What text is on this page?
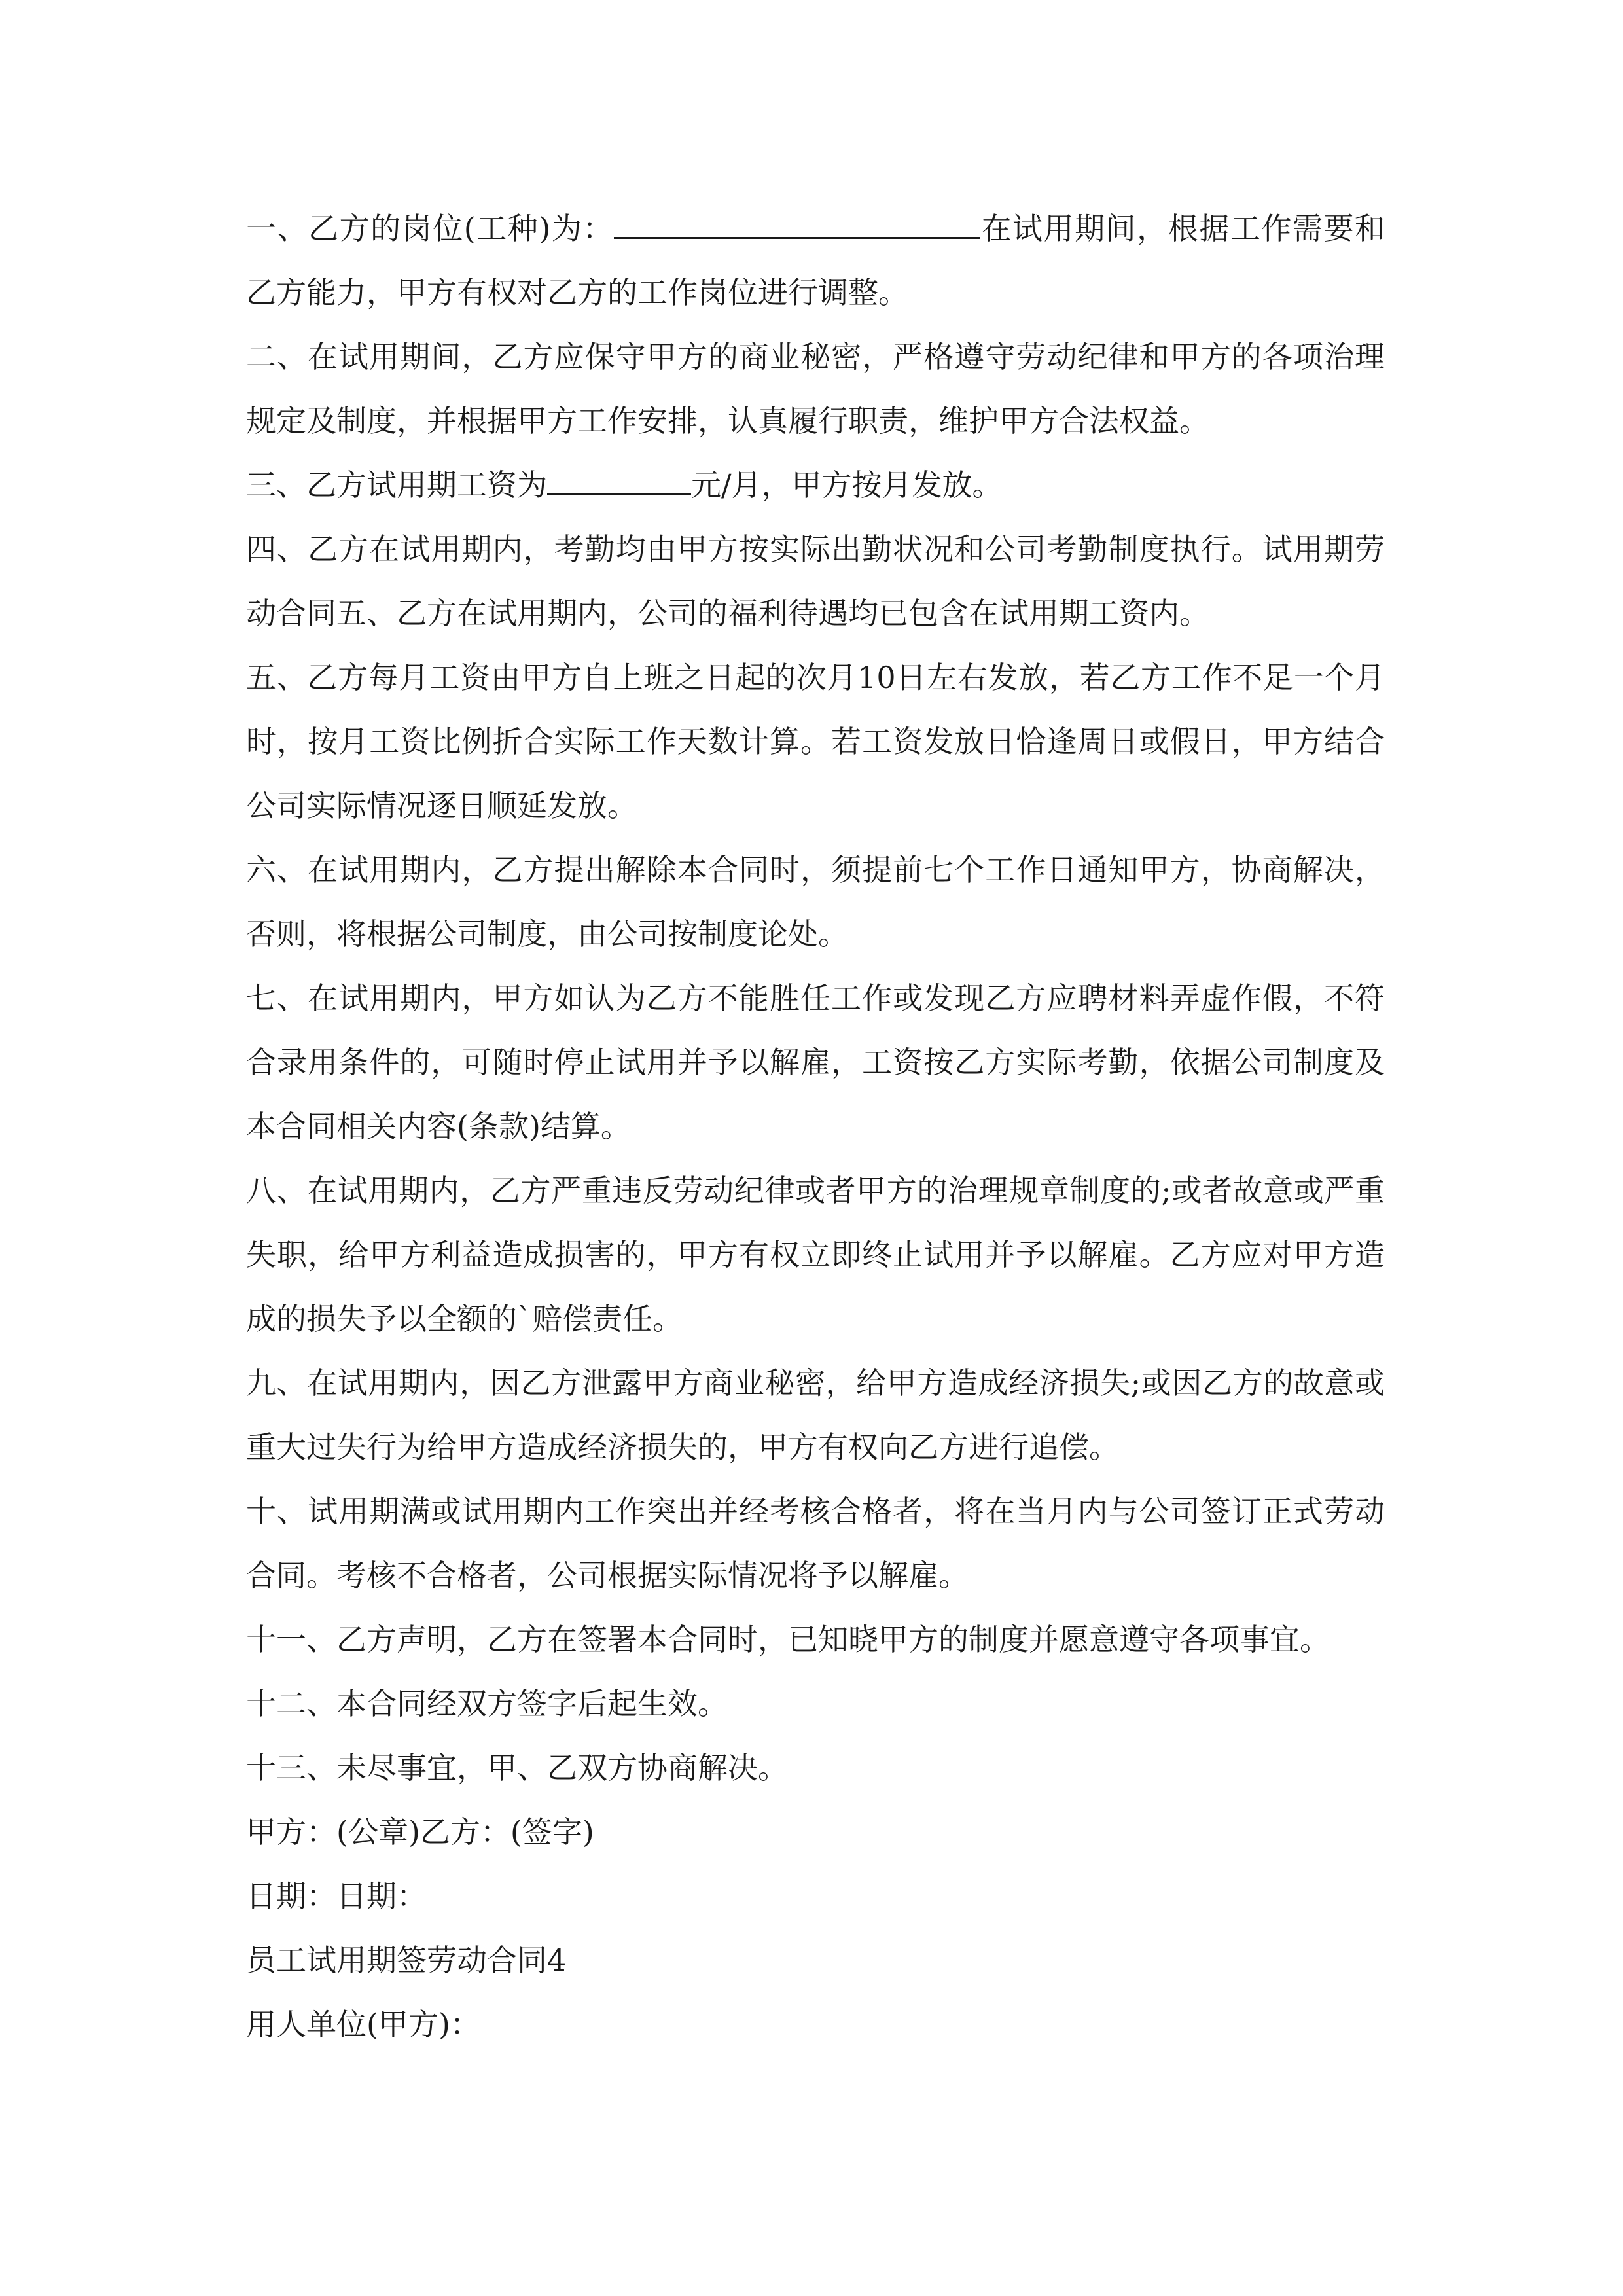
一、乙方的岗位(工种)为：	在试用期间，根据工作需要和乙方能力，甲方有权对乙方的工作岗位进行调整。

二、在试用期间，乙方应保守甲方的商业秘密，严格遵守劳动纪律和甲方的各项治理规定及制度，并根据甲方工作安排，认真履行职责，维护甲方合法权益。

三、乙方试用期工资为	元/月，甲方按月发放。

四、乙方在试用期内，考勤均由甲方按实际出勤状况和公司考勤制度执行。试用期劳动合同五、乙方在试用期内，公司的福利待遇均已包含在试用期工资内。

五、乙方每月工资由甲方自上班之日起的次月10日左右发放，若乙方工作不足一个月时，按月工资比例折合实际工作天数计算。若工资发放日恰逢周日或假日，甲方结合公司实际情况逐日顺延发放。

六、在试用期内，乙方提出解除本合同时，须提前七个工作日通知甲方，协商解决，否则，将根据公司制度，由公司按制度论处。

七、在试用期内，甲方如认为乙方不能胜任工作或发现乙方应聘材料弄虚作假，不符合录用条件的，可随时停止试用并予以解雇，工资按乙方实际考勤，依据公司制度及本合同相关内容(条款)结算。

八、在试用期内，乙方严重违反劳动纪律或者甲方的治理规章制度的;或者故意或严重失职，给甲方利益造成损害的，甲方有权立即终止试用并予以解雇。乙方应对甲方造成的损失予以全额的`赔偿责任。

九、在试用期内，因乙方泄露甲方商业秘密，给甲方造成经济损失;或因乙方的故意或重大过失行为给甲方造成经济损失的，甲方有权向乙方进行追偿。

十、试用期满或试用期内工作突出并经考核合格者，将在当月内与公司签订正式劳动合同。考核不合格者，公司根据实际情况将予以解雇。

十一、乙方声明，乙方在签署本合同时，已知晓甲方的制度并愿意遵守各项事宜。

十二、本合同经双方签字后起生效。

十三、未尽事宜，甲、乙双方协商解决。

甲方：(公章)乙方：(签字)

日期：日期：

员工试用期签劳动合同4

用人单位(甲方)：
